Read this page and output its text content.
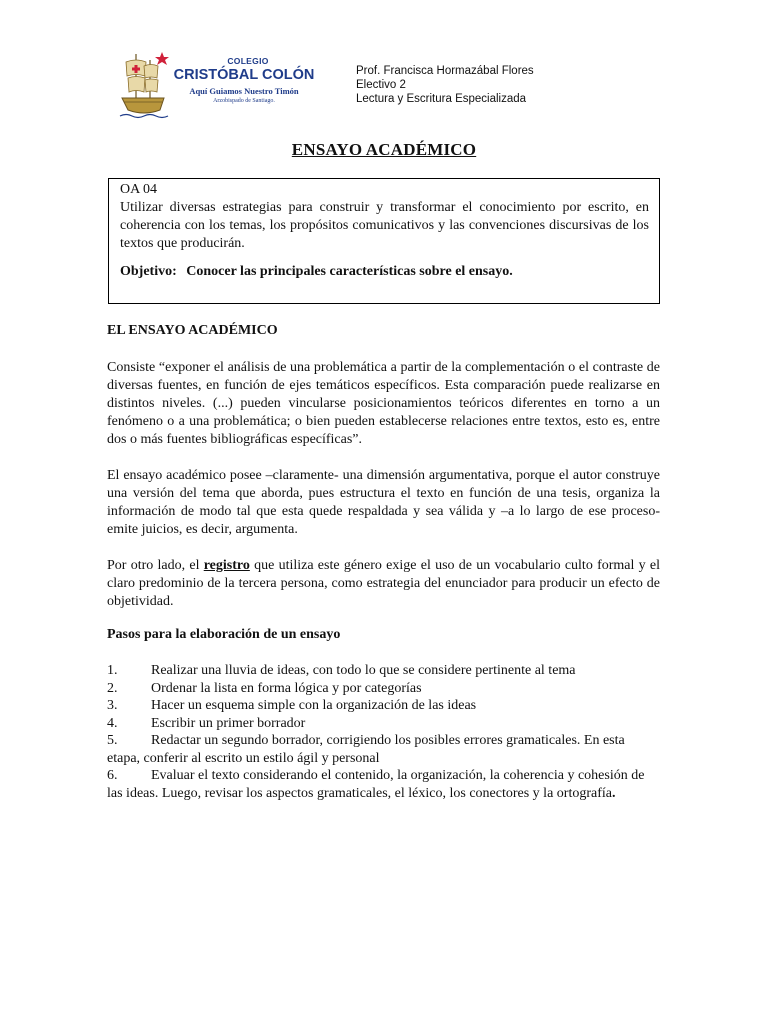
COLEGIO
CRISTÓBAL COLÓN
Aquí Guiamos Nuestro Timón
Arzobispado de Santiago.
Prof. Francisca Hormazábal Flores
Electivo 2
Lectura y Escritura Especializada
ENSAYO ACADÉMICO

OA 04

Utilizar diversas estrategias para construir y transformar el conocimiento por escrito, en coherencia con los temas, los propósitos comunicativos y las convenciones discursivas de los textos que producirán.

Objetivo: Conocer las principales características sobre el ensayo.

EL ENSAYO ACADÉMICO
Consiste “exponer el análisis de una problemática a partir de la complementación o el contraste de diversas fuentes, en función de ejes temáticos específicos. Esta comparación puede realizarse en distintos niveles. (...) pueden vincularse posicionamientos teóricos diferentes en torno a un fenómeno o a una problemática; o bien pueden establecerse relaciones entre textos, esto es, entre dos o más fuentes bibliográficas específicas”.
El ensayo académico posee –claramente- una dimensión argumentativa, porque el autor construye una versión del tema que aborda, pues estructura el texto en función de una tesis, organiza la información de modo tal que esta quede respaldada y sea válida y –a lo largo de ese proceso- emite juicios, es decir, argumenta.
Por otro lado, el registro que utiliza este género exige el uso de un vocabulario culto formal y el claro predominio de la tercera persona, como estrategia del enunciador para producir un efecto de objetividad.
Pasos para la elaboración de un ensayo
1. Realizar una lluvia de ideas, con todo lo que se considere pertinente al tema
2. Ordenar la lista en forma lógica y por categorías
3. Hacer un esquema simple con la organización de las ideas
4. Escribir un primer borrador
5. Redactar un segundo borrador, corrigiendo los posibles errores gramaticales. En esta etapa, conferir al escrito un estilo ágil y personal
6. Evaluar el texto considerando el contenido, la organización, la coherencia y cohesión de las ideas. Luego, revisar los aspectos gramaticales, el léxico, los conectores y la ortografía.
